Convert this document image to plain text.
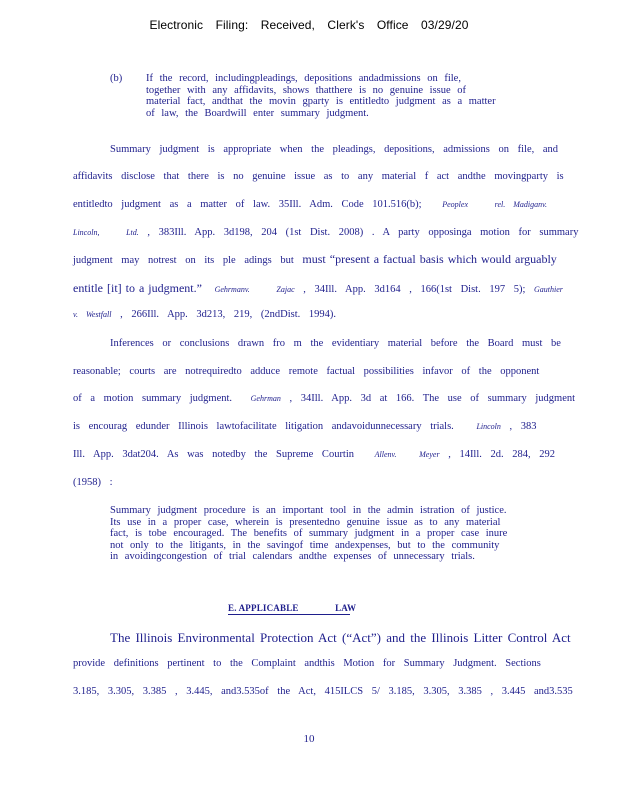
Electronic Filing: Received, Clerk's Office 03/29/20
(b) If the record, includingpleadings, depositions andadmissions on file,
together with any affidavits, shows thatthere is no genuine issue of
material fact, andthat the movin gparty is entitledto judgment as a matter
of law, the Boardwill enter summary judgment.
Summary judgment is appropriate when the pleadings, depositions, admissions on file, and
affidavits disclose that there is no genuine issue as to any material f act andthe movingparty is
entitledto judgment as a matter of law. 35Ill. Adm. Code 101.516(b);	Peoplex	rel. Madiganv.
Lincoln,	Ltd. , 383Ill. App. 3d198, 204 (1st Dist. 2008) . A party opposinga motion for summary
judgment may notrest on its ple adings but must “present a factual basis which would arguably
entitle [it] to a judgment.” Gehrmanv.	Zajac , 34Ill. App. 3d164 , 166(1st Dist. 197 5); Gauthier
v. Westfall , 266Ill. App. 3d213, 219, (2ndDist. 1994).
Inferences or conclusions drawn fro m the evidentiary material before the Board must be
reasonable; courts are notrequiredto adduce remote factual possibilities infavor of the opponent
of a motion summary judgment. Gehrman , 34Ill. App. 3d at 166. The use of summary judgment
is encourag edunder Illinois lawtofacilitate litigation andavoidunnecessary trials.	Lincoln , 383
Ill. App. 3dat204. As was notedby the Supreme Courtin	Allenv.	Meyer , 14Ill. 2d. 284, 292
(1958) :
Summary judgment procedure is an important tool in the admin istration of justice.
Its use in a proper case, wherein is presentedno genuine issue as to any material
fact, is tobe encouraged. The benefits of summary judgment in a proper case inure
not only to the litigants, in the savingof time andexpenses, but to the community
in avoidingcongestion of trial calendars andthe expenses of unnecessary trials.
E. APPLICABLE	LAW
The Illinois Environmental Protection Act (“Act”) and the Illinois Litter Control Act
provide definitions pertinent to the Complaint andthis Motion for Summary Judgment. Sections
3.185, 3.305, 3.385 , 3.445, and3.535of the Act, 415ILCS 5/ 3.185, 3.305, 3.385 , 3.445 and3.535
10
